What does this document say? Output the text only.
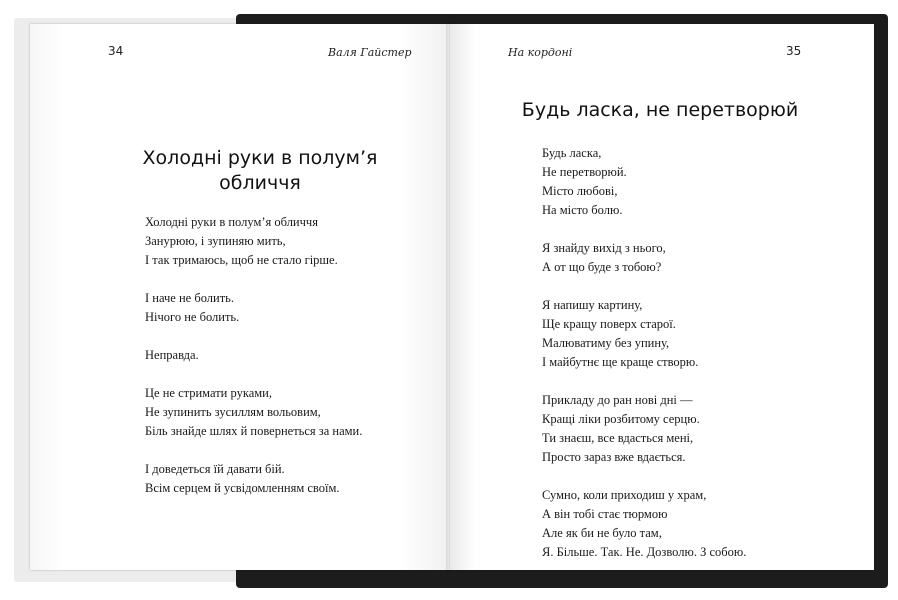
34	Валя Гайстер
Холодні руки в полум’я
обличчя
Холодні руки в полум’я обличчя
Занурюю, і зупиняю мить,
І так тримаюсь, щоб не стало гірше.
І наче не болить.
Нічого не болить.
Неправда.
Це не стримати руками,
Не зупинить зусиллям вольовим,
Біль знайде шлях й повернеться за нами.
І доведеться їй давати бій.
Всім серцем й усвідомленням своїм.
На кордоні	35
Будь ласка, не перетворюй
Будь ласка,
Не перетворюй.
Місто любові,
На місто болю.
Я знайду вихід з нього,
А от що буде з тобою?
Я напишу картину,
Ще кращу поверх старої.
Малюватиму без упину,
І майбутнє ще краще створю.
Прикладу до ран нові дні —
Кращі ліки розбитому серцю.
Ти знаєш, все вдасться мені,
Просто зараз вже вдається.
Сумно, коли приходиш у храм,
А він тобі стає тюрмою
Але як би не було там,
Я. Більше. Так. Не. Дозволю. З собою.
